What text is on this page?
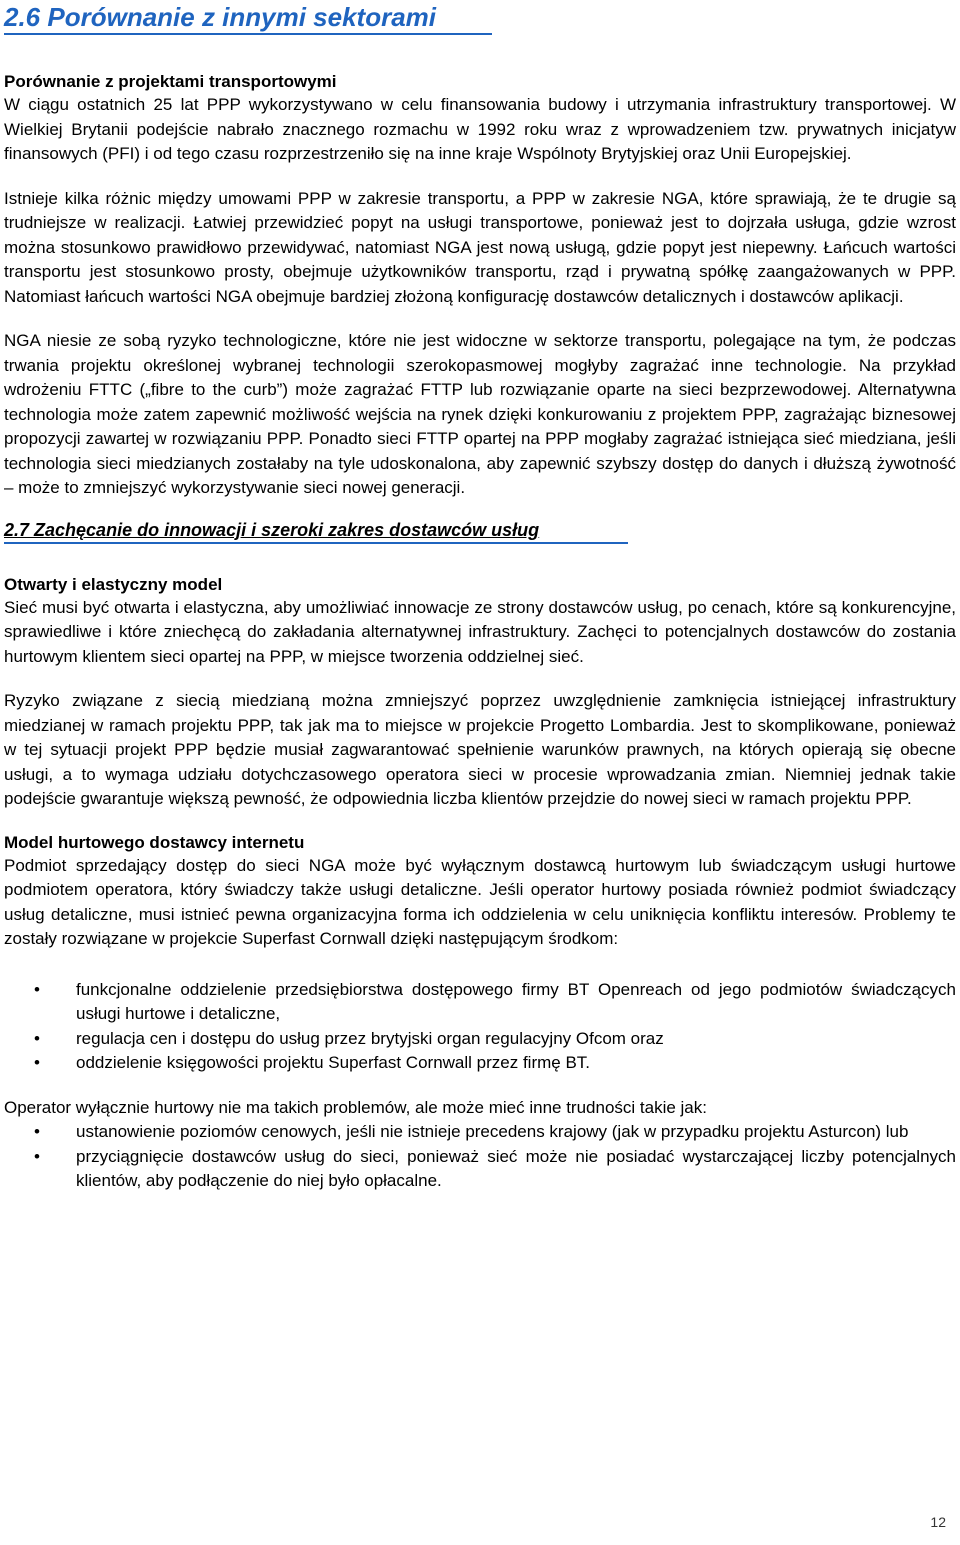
2.6 Porównanie z innymi sektorami
Porównanie z projektami transportowymi

W ciągu ostatnich 25 lat PPP wykorzystywano w celu finansowania budowy i utrzymania infrastruktury transportowej. W Wielkiej Brytanii podejście nabrało znacznego rozmachu w 1992 roku wraz z wprowadzeniem tzw. prywatnych inicjatyw finansowych (PFI) i od tego czasu rozprzestrzeniło się na inne kraje Wspólnoty Brytyjskiej oraz Unii Europejskiej.

Istnieje kilka różnic między umowami PPP w zakresie transportu, a PPP w zakresie NGA, które sprawiają, że te drugie są trudniejsze w realizacji. Łatwiej przewidzieć popyt na usługi transportowe, ponieważ jest to dojrzała usługa, gdzie wzrost można stosunkowo prawidłowo przewidywać, natomiast NGA jest nową usługą, gdzie popyt jest niepewny. Łańcuch wartości transportu jest stosunkowo prosty, obejmuje użytkowników transportu, rząd i prywatną spółkę zaangażowanych w PPP. Natomiast łańcuch wartości NGA obejmuje bardziej złożoną konfigurację dostawców detalicznych i dostawców aplikacji.

NGA niesie ze sobą ryzyko technologiczne, które nie jest widoczne w sektorze transportu, polegające na tym, że podczas trwania projektu określonej wybranej technologii szerokopasmowej mogłyby zagrażać inne technologie. Na przykład wdrożeniu FTTC („fibre to the curb”) może zagrażać FTTP lub rozwiązanie oparte na sieci bezprzewodowej. Alternatywna technologia może zatem zapewnić możliwość wejścia na rynek dzięki konkurowaniu z projektem PPP, zagrażając biznesowej propozycji zawartej w rozwiązaniu PPP. Ponadto sieci FTTP opartej na PPP mogłaby zagrażać istniejąca sieć miedziana, jeśli technologia sieci miedzianych zostałaby na tyle udoskonalona, aby zapewnić szybszy dostęp do danych i dłuższą żywotność – może to zmniejszyć wykorzystywanie sieci nowej generacji.

2.7 Zachęcanie do innowacji i szeroki zakres dostawców usług
Otwarty i elastyczny model

Sieć musi być otwarta i elastyczna, aby umożliwiać innowacje ze strony dostawców usług, po cenach, które są konkurencyjne, sprawiedliwe i które zniechęcą do zakładania alternatywnej infrastruktury. Zachęci to potencjalnych dostawców do zostania hurtowym klientem sieci opartej na PPP, w miejsce tworzenia oddzielnej sieć.

Ryzyko związane z siecią miedzianą można zmniejszyć poprzez uwzględnienie zamknięcia istniejącej infrastruktury miedzianej w ramach projektu PPP, tak jak ma to miejsce w projekcie Progetto Lombardia. Jest to skomplikowane, ponieważ w tej sytuacji projekt PPP będzie musiał zagwarantować spełnienie warunków prawnych, na których opierają się obecne usługi, a to wymaga udziału dotychczasowego operatora sieci w procesie wprowadzania zmian. Niemniej jednak takie podejście gwarantuje większą pewność, że odpowiednia liczba klientów przejdzie do nowej sieci w ramach projektu PPP.

Model hurtowego dostawcy internetu

Podmiot sprzedający dostęp do sieci NGA może być wyłącznym dostawcą hurtowym lub świadczącym usługi hurtowe podmiotem operatora, który świadczy także usługi detaliczne. Jeśli operator hurtowy posiada również podmiot świadczący usług detaliczne, musi istnieć pewna organizacyjna forma ich oddzielenia w celu uniknięcia konfliktu interesów. Problemy te zostały rozwiązane w projekcie Superfast Cornwall dzięki następującym środkom:

• funkcjonalne oddzielenie przedsiębiorstwa dostępowego firmy BT Openreach od jego podmiotów świadczących usługi hurtowe i detaliczne,
• regulacja cen i dostępu do usług przez brytyjski organ regulacyjny Ofcom oraz
• oddzielenie księgowości projektu Superfast Cornwall przez firmę BT.

Operator wyłącznie hurtowy nie ma takich problemów, ale może mieć inne trudności takie jak:

• ustanowienie poziomów cenowych, jeśli nie istnieje precedens krajowy (jak w przypadku projektu Asturcon) lub
• przyciągnięcie dostawców usług do sieci, ponieważ sieć może nie posiadać wystarczającej liczby potencjalnych klientów, aby podłączenie do niej było opłacalne.
12
